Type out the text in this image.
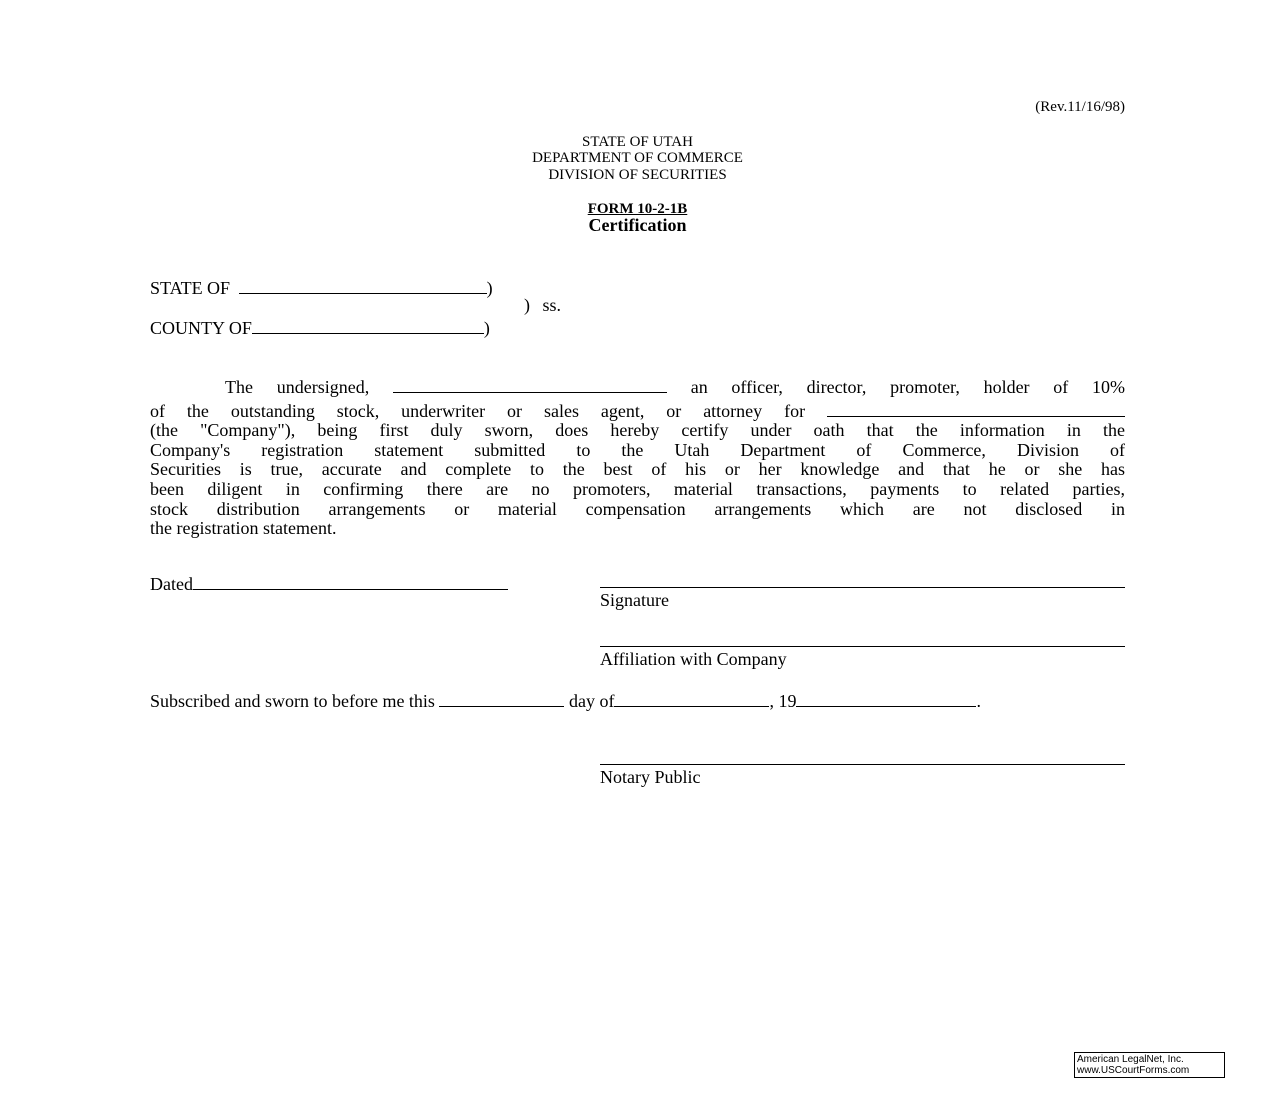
(Rev.11/16/98)
STATE OF UTAH
DEPARTMENT OF COMMERCE
DIVISION OF SECURITIES
FORM 10-2-1B
Certification
STATE OF	)
) ss.
COUNTY OF	)
The undersigned,	an officer, director, promoter, holder of 10%
of the outstanding stock, underwriter or sales agent, or attorney for
(the "Company"), being first duly sworn, does hereby certify under oath that the information in the
Company's registration statement submitted to the Utah Department of Commerce, Division of
Securities is true, accurate and complete to the best of his or her knowledge and that he or she has
been diligent in confirming there are no promoters, material transactions, payments to related parties,
stock distribution arrangements or material compensation arrangements which are not disclosed in
the registration statement.
Dated
Signature
Affiliation with Company
Subscribed and sworn to before me this	day of	, 19	.
Notary Public
American LegalNet, Inc.
www.USCourtForms.com
